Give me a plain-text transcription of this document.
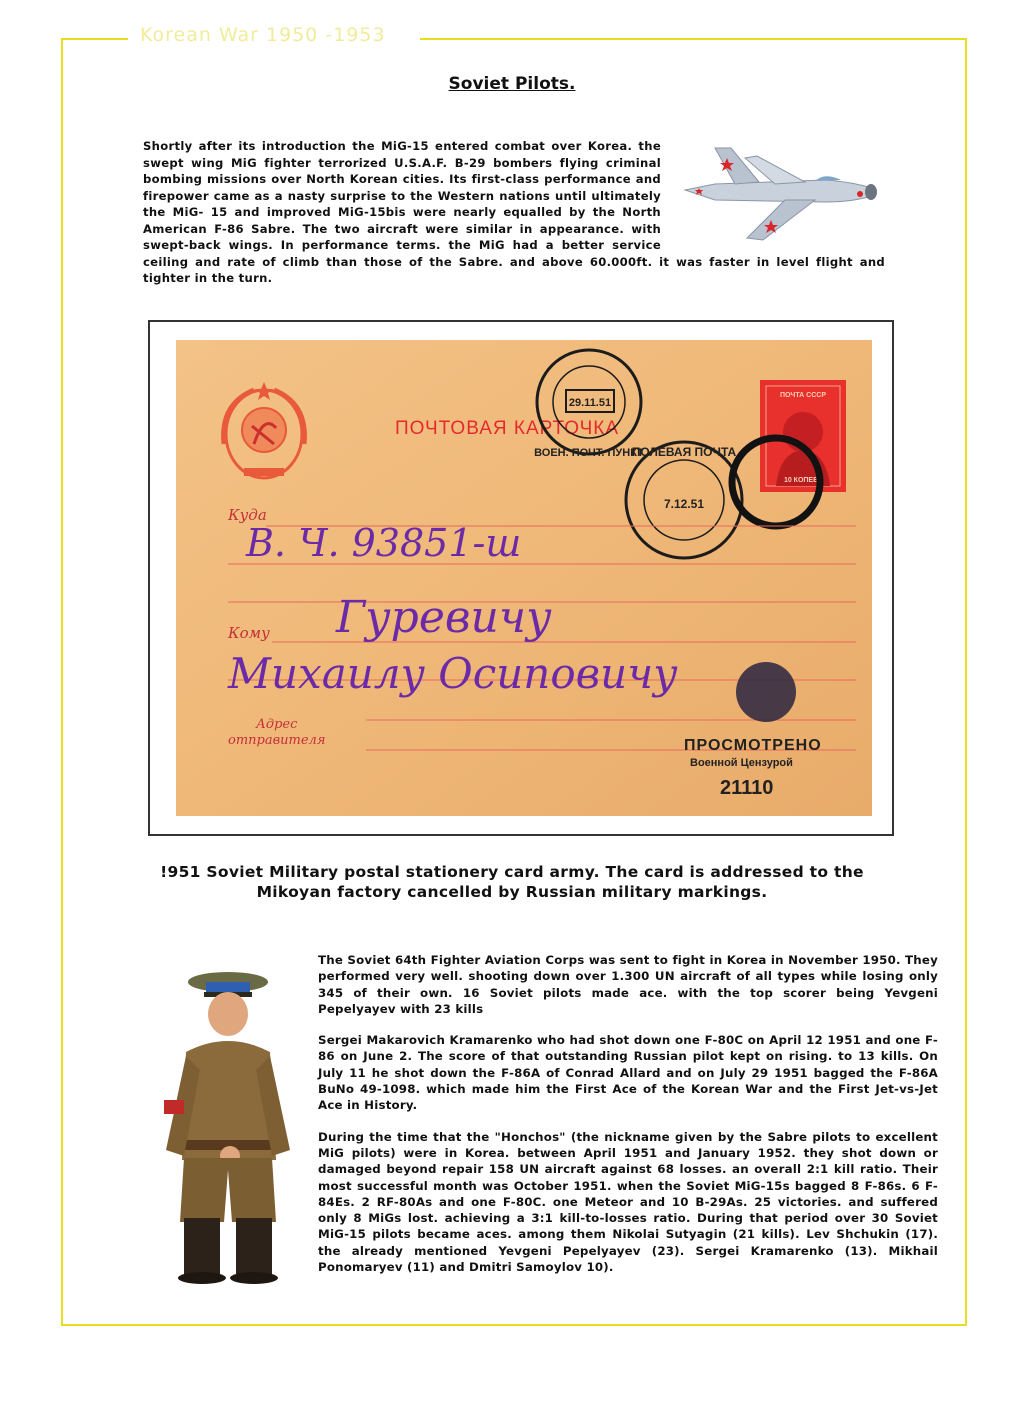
Korean War 1950 -1953
Soviet Pilots.

Shortly after its introduction the MiG-15 entered combat over Korea. the swept wing MiG fighter terrorized U.S.A.F. B-29 bombers flying criminal bombing missions over North Korean cities. Its first-class performance and firepower came as a nasty surprise to the Western nations until ultimately the MiG- 15 and improved MiG-15bis were nearly equalled by the North American F-86 Sabre. The two aircraft were similar in appearance. with swept-back wings. In performance terms. the MiG had a better service ceiling and rate of climb than those of the Sabre. and above 60.000ft. it was faster in level flight and tighter in the turn.

ПОЧТОВАЯ КАРТОЧКА
ПОЧТА СССР
10 КОПЕЕК
ВОЕН. ПОЧТ. ПУНКТ
29.11.51
ПОЛЕВАЯ ПОЧТА
7.12.51
Куда
Кому
Адрес
отправителя
В. Ч. 93851-ш
Гуревичу
Михаилу Осиповичу
ПРОСМОТРЕНО
Военной Цензурой
21110
!951 Soviet Military postal stationery card army. The card is addressed to the
Mikoyan factory cancelled by Russian military markings.

The Soviet 64th Fighter Aviation Corps was sent to fight in Korea in November 1950. They performed very well. shooting down over 1.300 UN aircraft of all types while losing only 345 of their own. 16 Soviet pilots made ace. with the top scorer being Yevgeni Pepelyayev with 23 kills

Sergei Makarovich Kramarenko who had shot down one F-80C on April 12 1951 and one F-86 on June 2. The score of that outstanding Russian pilot kept on rising. to 13 kills. On July 11 he shot down the F-86A of Conrad Allard and on July 29 1951 bagged the F-86A BuNo 49-1098. which made him the First Ace of the Korean War and the First Jet-vs-Jet Ace in History.

During the time that the "Honchos" (the nickname given by the Sabre pilots to excellent MiG pilots) were in Korea. between April 1951 and January 1952. they shot down or damaged beyond repair 158 UN aircraft against 68 losses. an overall 2:1 kill ratio. Their most successful month was October 1951. when the Soviet MiG-15s bagged 8 F-86s. 6 F-84Es. 2 RF-80As and one F-80C. one Meteor and 10 B-29As. 25 victories. and suffered only 8 MiGs lost. achieving a 3:1 kill-to-losses ratio. During that period over 30 Soviet MiG-15 pilots became aces. among them Nikolai Sutyagin (21 kills). Lev Shchukin (17). the already mentioned Yevgeni Pepelyayev (23). Sergei Kramarenko (13). Mikhail Ponomaryev (11) and Dmitri Samoylov 10).
